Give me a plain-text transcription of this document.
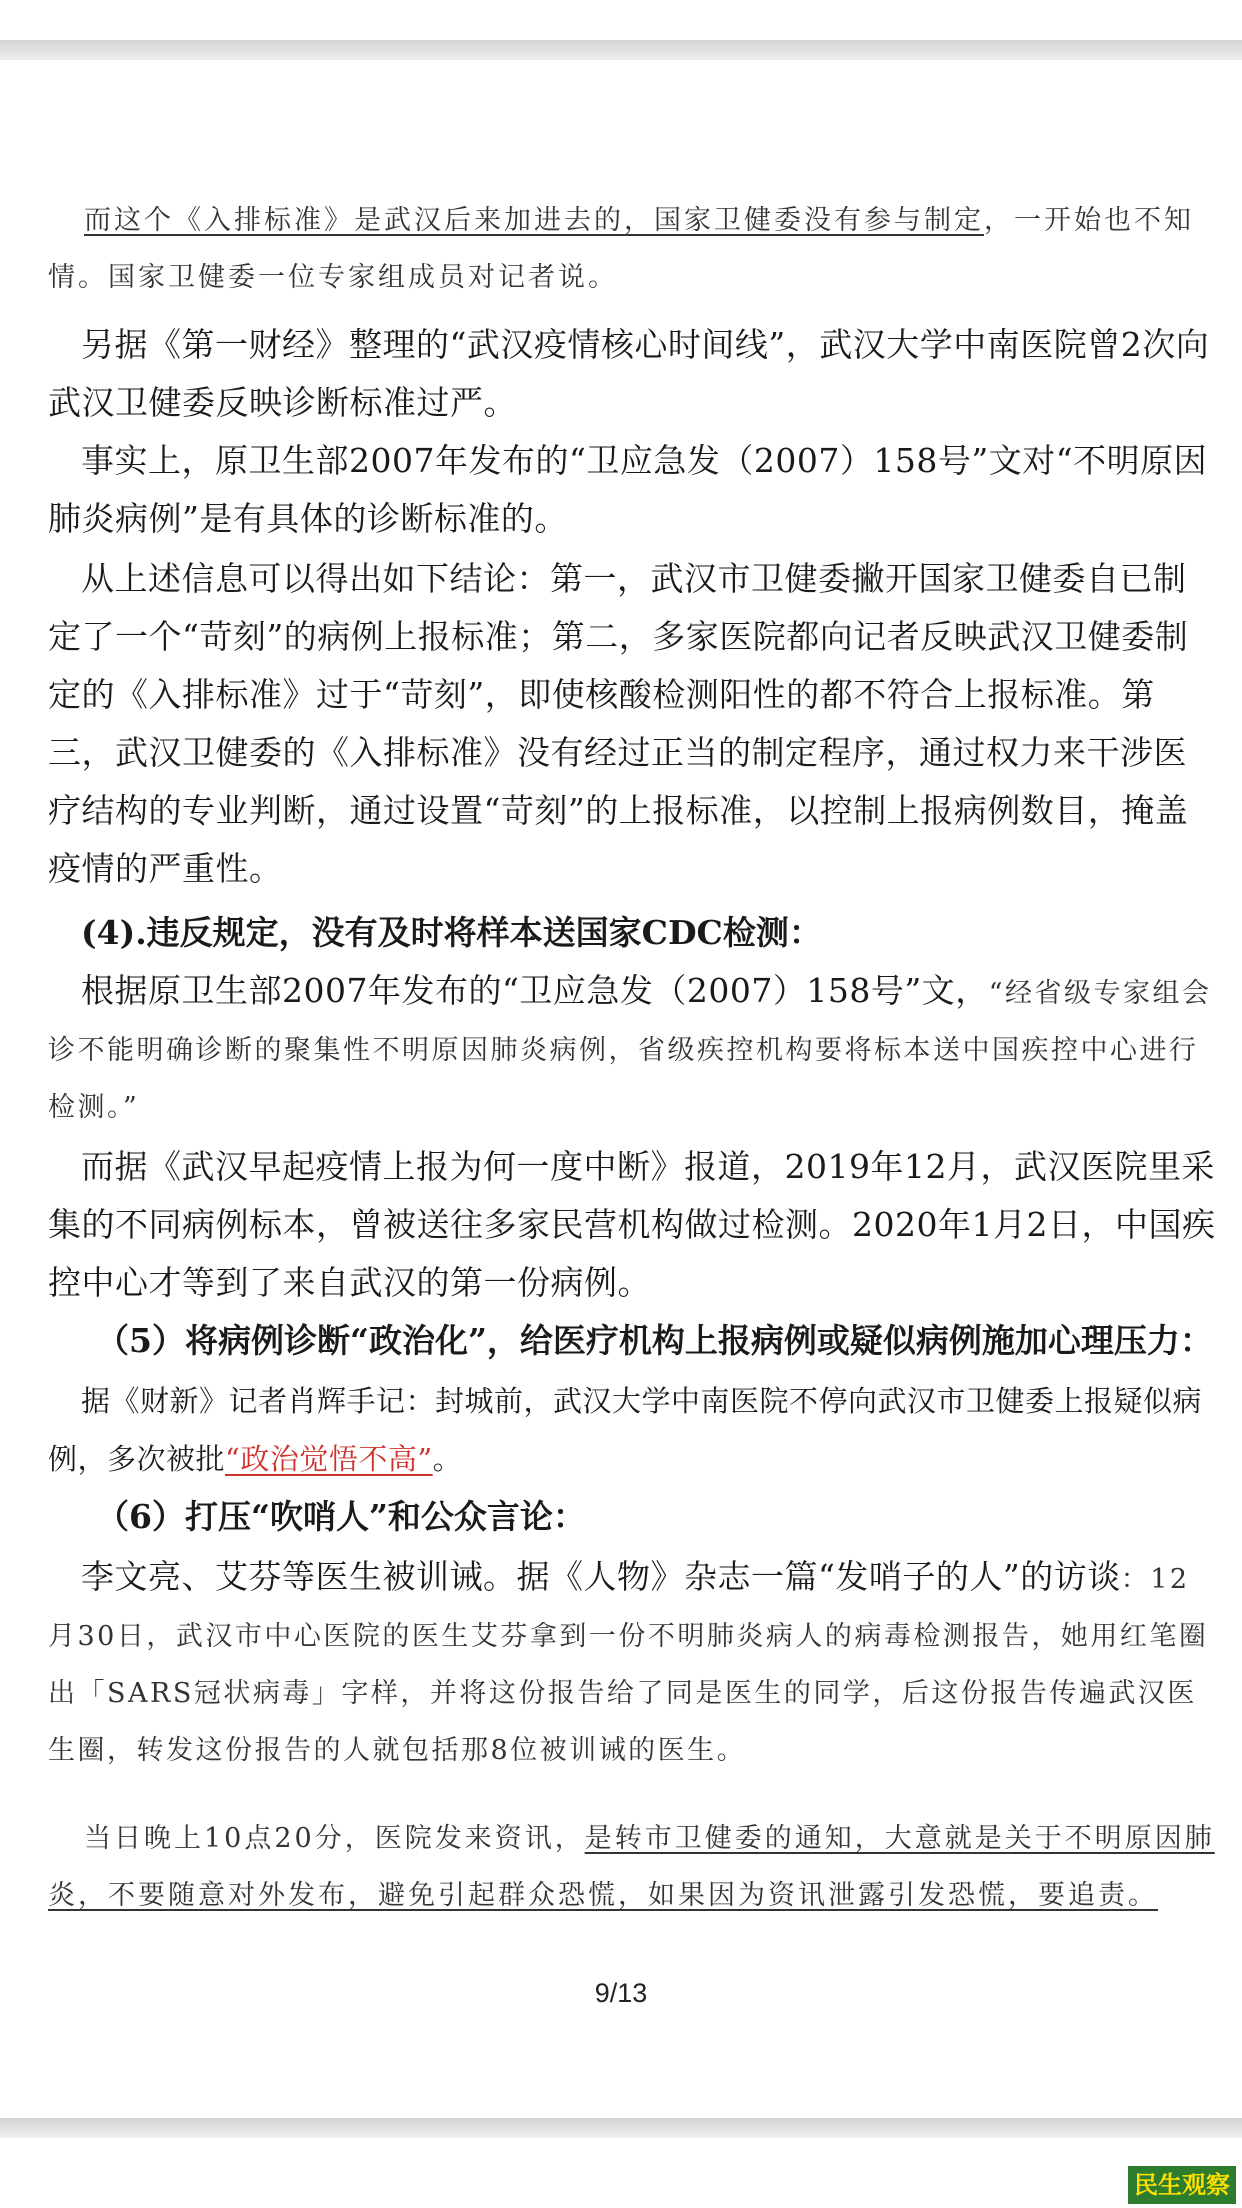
而这个《入排标准》是武汉后来加进去的，国家卫健委没有参与制定，一开始也不知情。国家卫健委一位专家组成员对记者说。

另据《第一财经》整理的“武汉疫情核心时间线”，武汉大学中南医院曾2次向武汉卫健委反映诊断标准过严。

事实上，原卫生部2007年发布的“卫应急发（2007）158号”文对“不明原因肺炎病例”是有具体的诊断标准的。

从上述信息可以得出如下结论：第一，武汉市卫健委撇开国家卫健委自已制定了一个“苛刻”的病例上报标准；第二，多家医院都向记者反映武汉卫健委制定的《入排标准》过于“苛刻”，即使核酸检测阳性的都不符合上报标准。第三，武汉卫健委的《入排标准》没有经过正当的制定程序，通过权力来干涉医疗结构的专业判断，通过设置“苛刻”的上报标准，以控制上报病例数目，掩盖疫情的严重性。

(4).违反规定，没有及时将样本送国家CDC检测：

根据原卫生部2007年发布的“卫应急发（2007）158号”文，“经省级专家组会诊不能明确诊断的聚集性不明原因肺炎病例，省级疾控机构要将标本送中国疾控中心进行检测。”

而据《武汉早起疫情上报为何一度中断》报道，2019年12月，武汉医院里采集的不同病例标本，曾被送往多家民营机构做过检测。2020年1月2日，中国疾控中心才等到了来自武汉的第一份病例。

（5）将病例诊断“政治化”，给医疗机构上报病例或疑似病例施加心理压力：

据《财新》记者肖辉手记：封城前，武汉大学中南医院不停向武汉市卫健委上报疑似病例，多次被批“政治觉悟不高”。

（6）打压“吹哨人”和公众言论：

李文亮、艾芬等医生被训诫。据《人物》杂志一篇“发哨子的人”的访谈：12月30日，武汉市中心医院的医生艾芬拿到一份不明肺炎病人的病毒检测报告，她用红笔圈出「SARS冠状病毒」字样，并将这份报告给了同是医生的同学，后这份报告传遍武汉医生圈，转发这份报告的人就包括那8位被训诫的医生。

当日晚上10点20分，医院发来资讯，是转市卫健委的通知，大意就是关于不明原因肺炎，不要随意对外发布，避免引起群众恐慌，如果因为资讯泄露引发恐慌，要追责。

9/13
民生观察
